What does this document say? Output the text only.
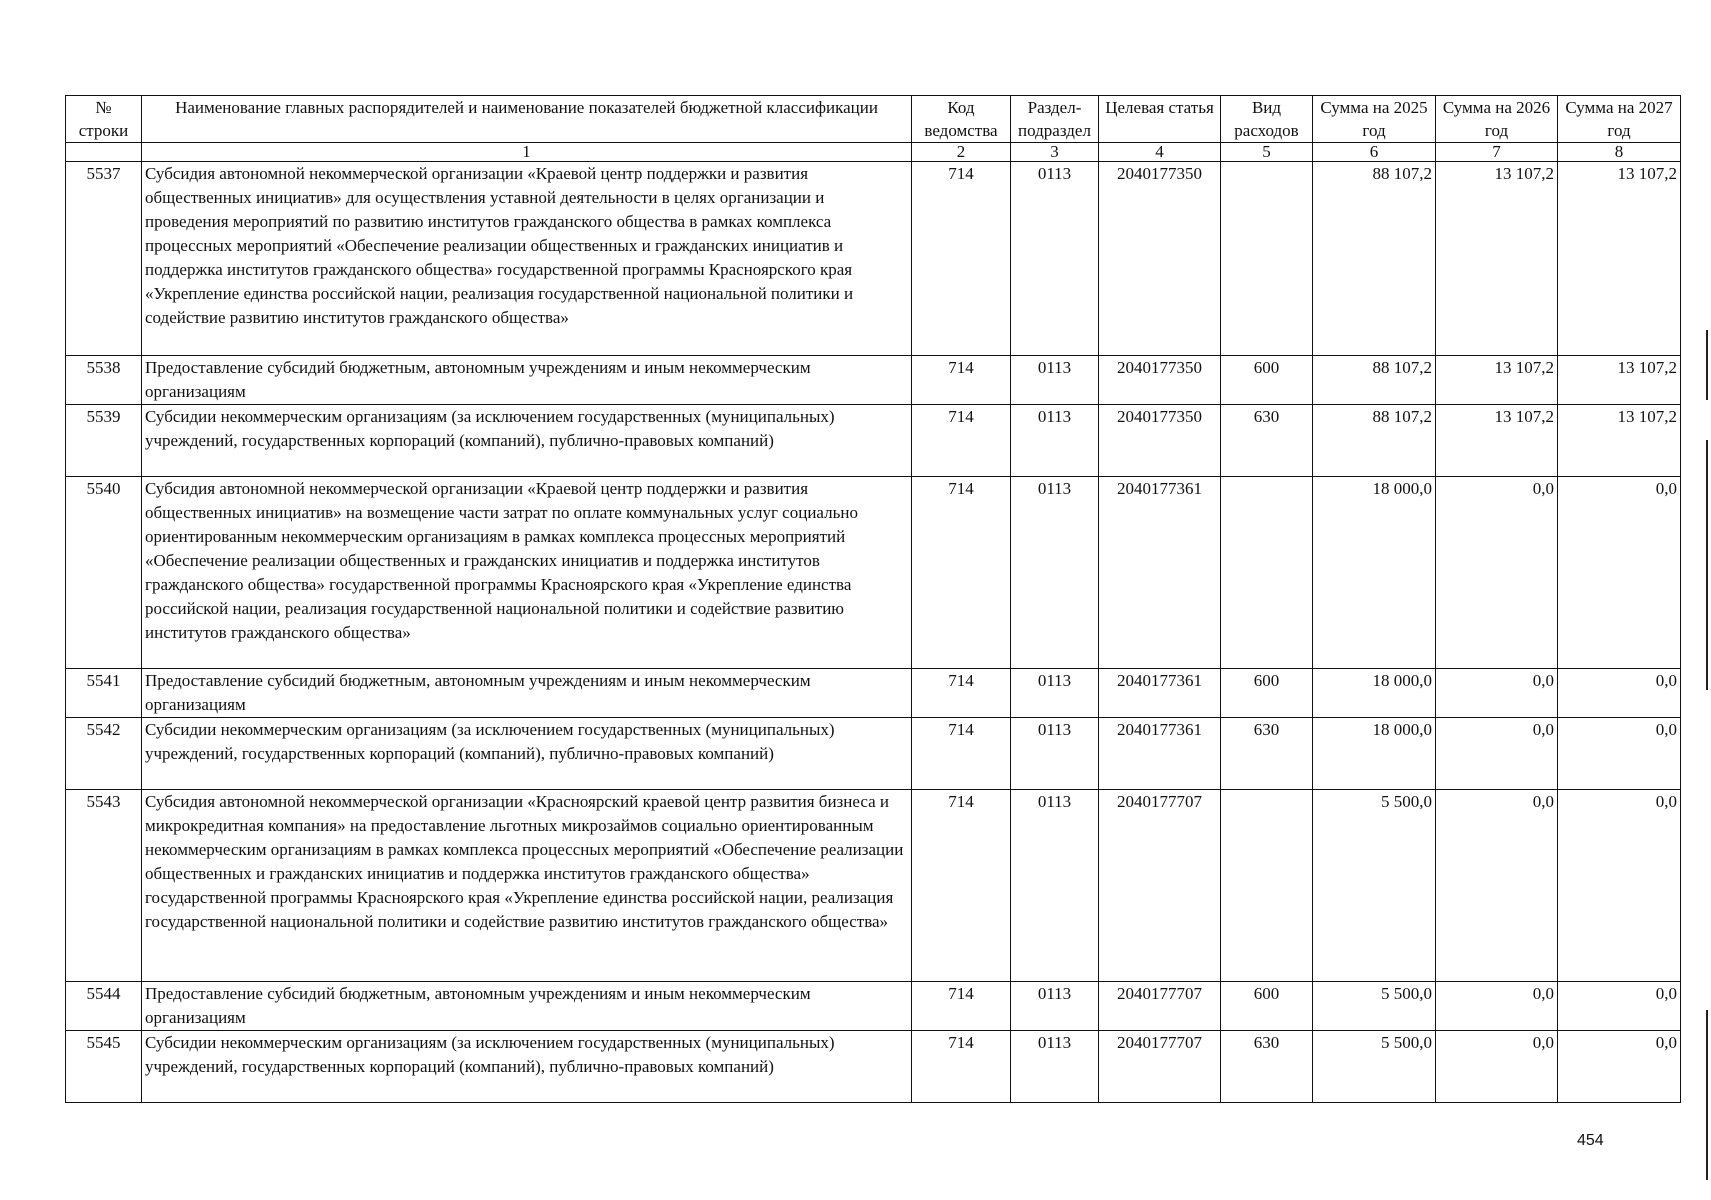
№ строки	Наименование главных распорядителей и наименование показателей бюджетной классификации	Код ведомства	Раздел-подраздел	Целевая статья	Вид расходов	Сумма на 2025 год	Сумма на 2026 год	Сумма на 2027 год
	1	2	3	4	5	6	7	8
5537	Субсидия автономной некоммерческой организации «Краевой центр поддержки и развития общественных инициатив» для осуществления уставной деятельности в целях организации и проведения мероприятий по развитию институтов гражданского общества в рамках комплекса процессных мероприятий «Обеспечение реализации общественных и гражданских инициатив и поддержка институтов гражданского общества» государственной программы Красноярского края «Укрепление единства российской нации, реализация государственной национальной политики и содействие развитию институтов гражданского общества»	714	0113	2040177350		88 107,2	13 107,2	13 107,2
5538	Предоставление субсидий бюджетным, автономным учреждениям и иным некоммерческим организациям	714	0113	2040177350	600	88 107,2	13 107,2	13 107,2
5539	Субсидии некоммерческим организациям (за исключением государственных (муниципальных) учреждений, государственных корпораций (компаний), публично-правовых компаний)	714	0113	2040177350	630	88 107,2	13 107,2	13 107,2
5540	Субсидия автономной некоммерческой организации «Краевой центр поддержки и развития общественных инициатив» на возмещение части затрат по оплате коммунальных услуг социально ориентированным некоммерческим организациям в рамках комплекса процессных мероприятий «Обеспечение реализации общественных и гражданских инициатив и поддержка институтов гражданского общества» государственной программы Красноярского края «Укрепление единства российской нации, реализация государственной национальной политики и содействие развитию институтов гражданского общества»	714	0113	2040177361		18 000,0	0,0	0,0
5541	Предоставление субсидий бюджетным, автономным учреждениям и иным некоммерческим организациям	714	0113	2040177361	600	18 000,0	0,0	0,0
5542	Субсидии некоммерческим организациям (за исключением государственных (муниципальных) учреждений, государственных корпораций (компаний), публично-правовых компаний)	714	0113	2040177361	630	18 000,0	0,0	0,0
5543	Субсидия автономной некоммерческой организации «Красноярский краевой центр развития бизнеса и микрокредитная компания» на предоставление льготных микрозаймов социально ориентированным некоммерческим организациям в рамках комплекса процессных мероприятий «Обеспечение реализации общественных и гражданских инициатив и поддержка институтов гражданского общества» государственной программы Красноярского края «Укрепление единства российской нации, реализация государственной национальной политики и содействие развитию институтов гражданского общества»	714	0113	2040177707		5 500,0	0,0	0,0
5544	Предоставление субсидий бюджетным, автономным учреждениям и иным некоммерческим организациям	714	0113	2040177707	600	5 500,0	0,0	0,0
5545	Субсидии некоммерческим организациям (за исключением государственных (муниципальных) учреждений, государственных корпораций (компаний), публично-правовых компаний)	714	0113	2040177707	630	5 500,0	0,0	0,0
454
